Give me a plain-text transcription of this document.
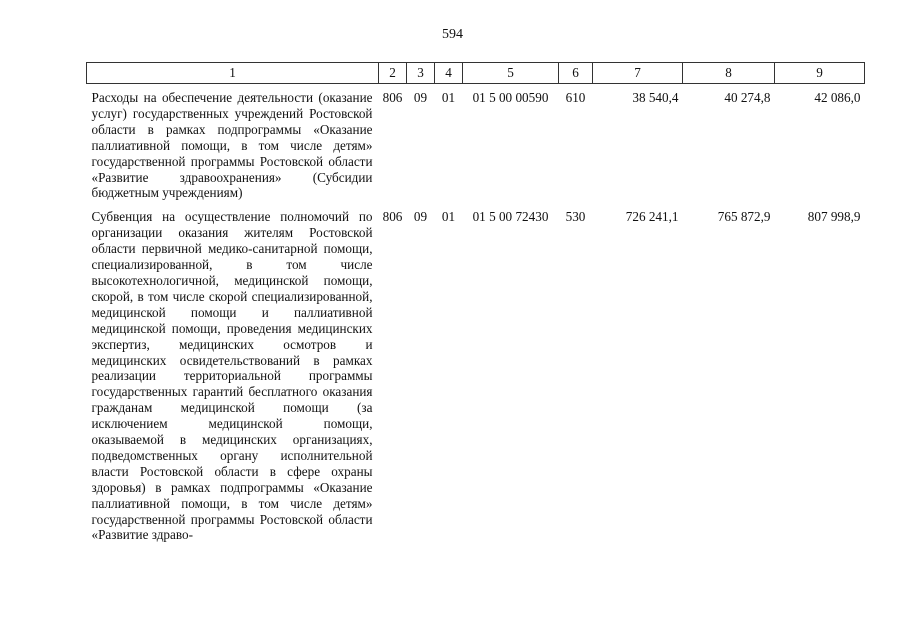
594
1	2	3	4	5	6	7	8	9
Расходы на обеспечение деятельности (оказание услуг) государственных учреждений Ростовской области в рамках подпрограммы «Оказание паллиативной помощи, в том числе детям» государственной программы Ростовской области «Развитие здравоохранения» (Субсидии бюджетным учреждениям)	806	09	01	01 5 00 00590	610	38 540,4	40 274,8	42 086,0
Субвенция на осуществление полномочий по организации оказания жителям Ростовской области первичной медико-санитарной помощи, специализированной, в том числе высокотехнологичной, медицинской помощи, скорой, в том числе скорой специализированной, медицинской помощи и паллиативной медицинской помощи, проведения медицинских экспертиз, медицинских осмотров и медицинских освидетельствований в рамках реализации территориальной программы государственных гарантий бесплатного оказания гражданам медицинской помощи (за исключением медицинской помощи, оказываемой в медицинских организациях, подведомственных органу исполнительной власти Ростовской области в сфере охраны здоровья) в рамках подпрограммы «Оказание паллиативной помощи, в том числе детям» государственной программы Ростовской области «Развитие здраво-	806	09	01	01 5 00 72430	530	726 241,1	765 872,9	807 998,9
